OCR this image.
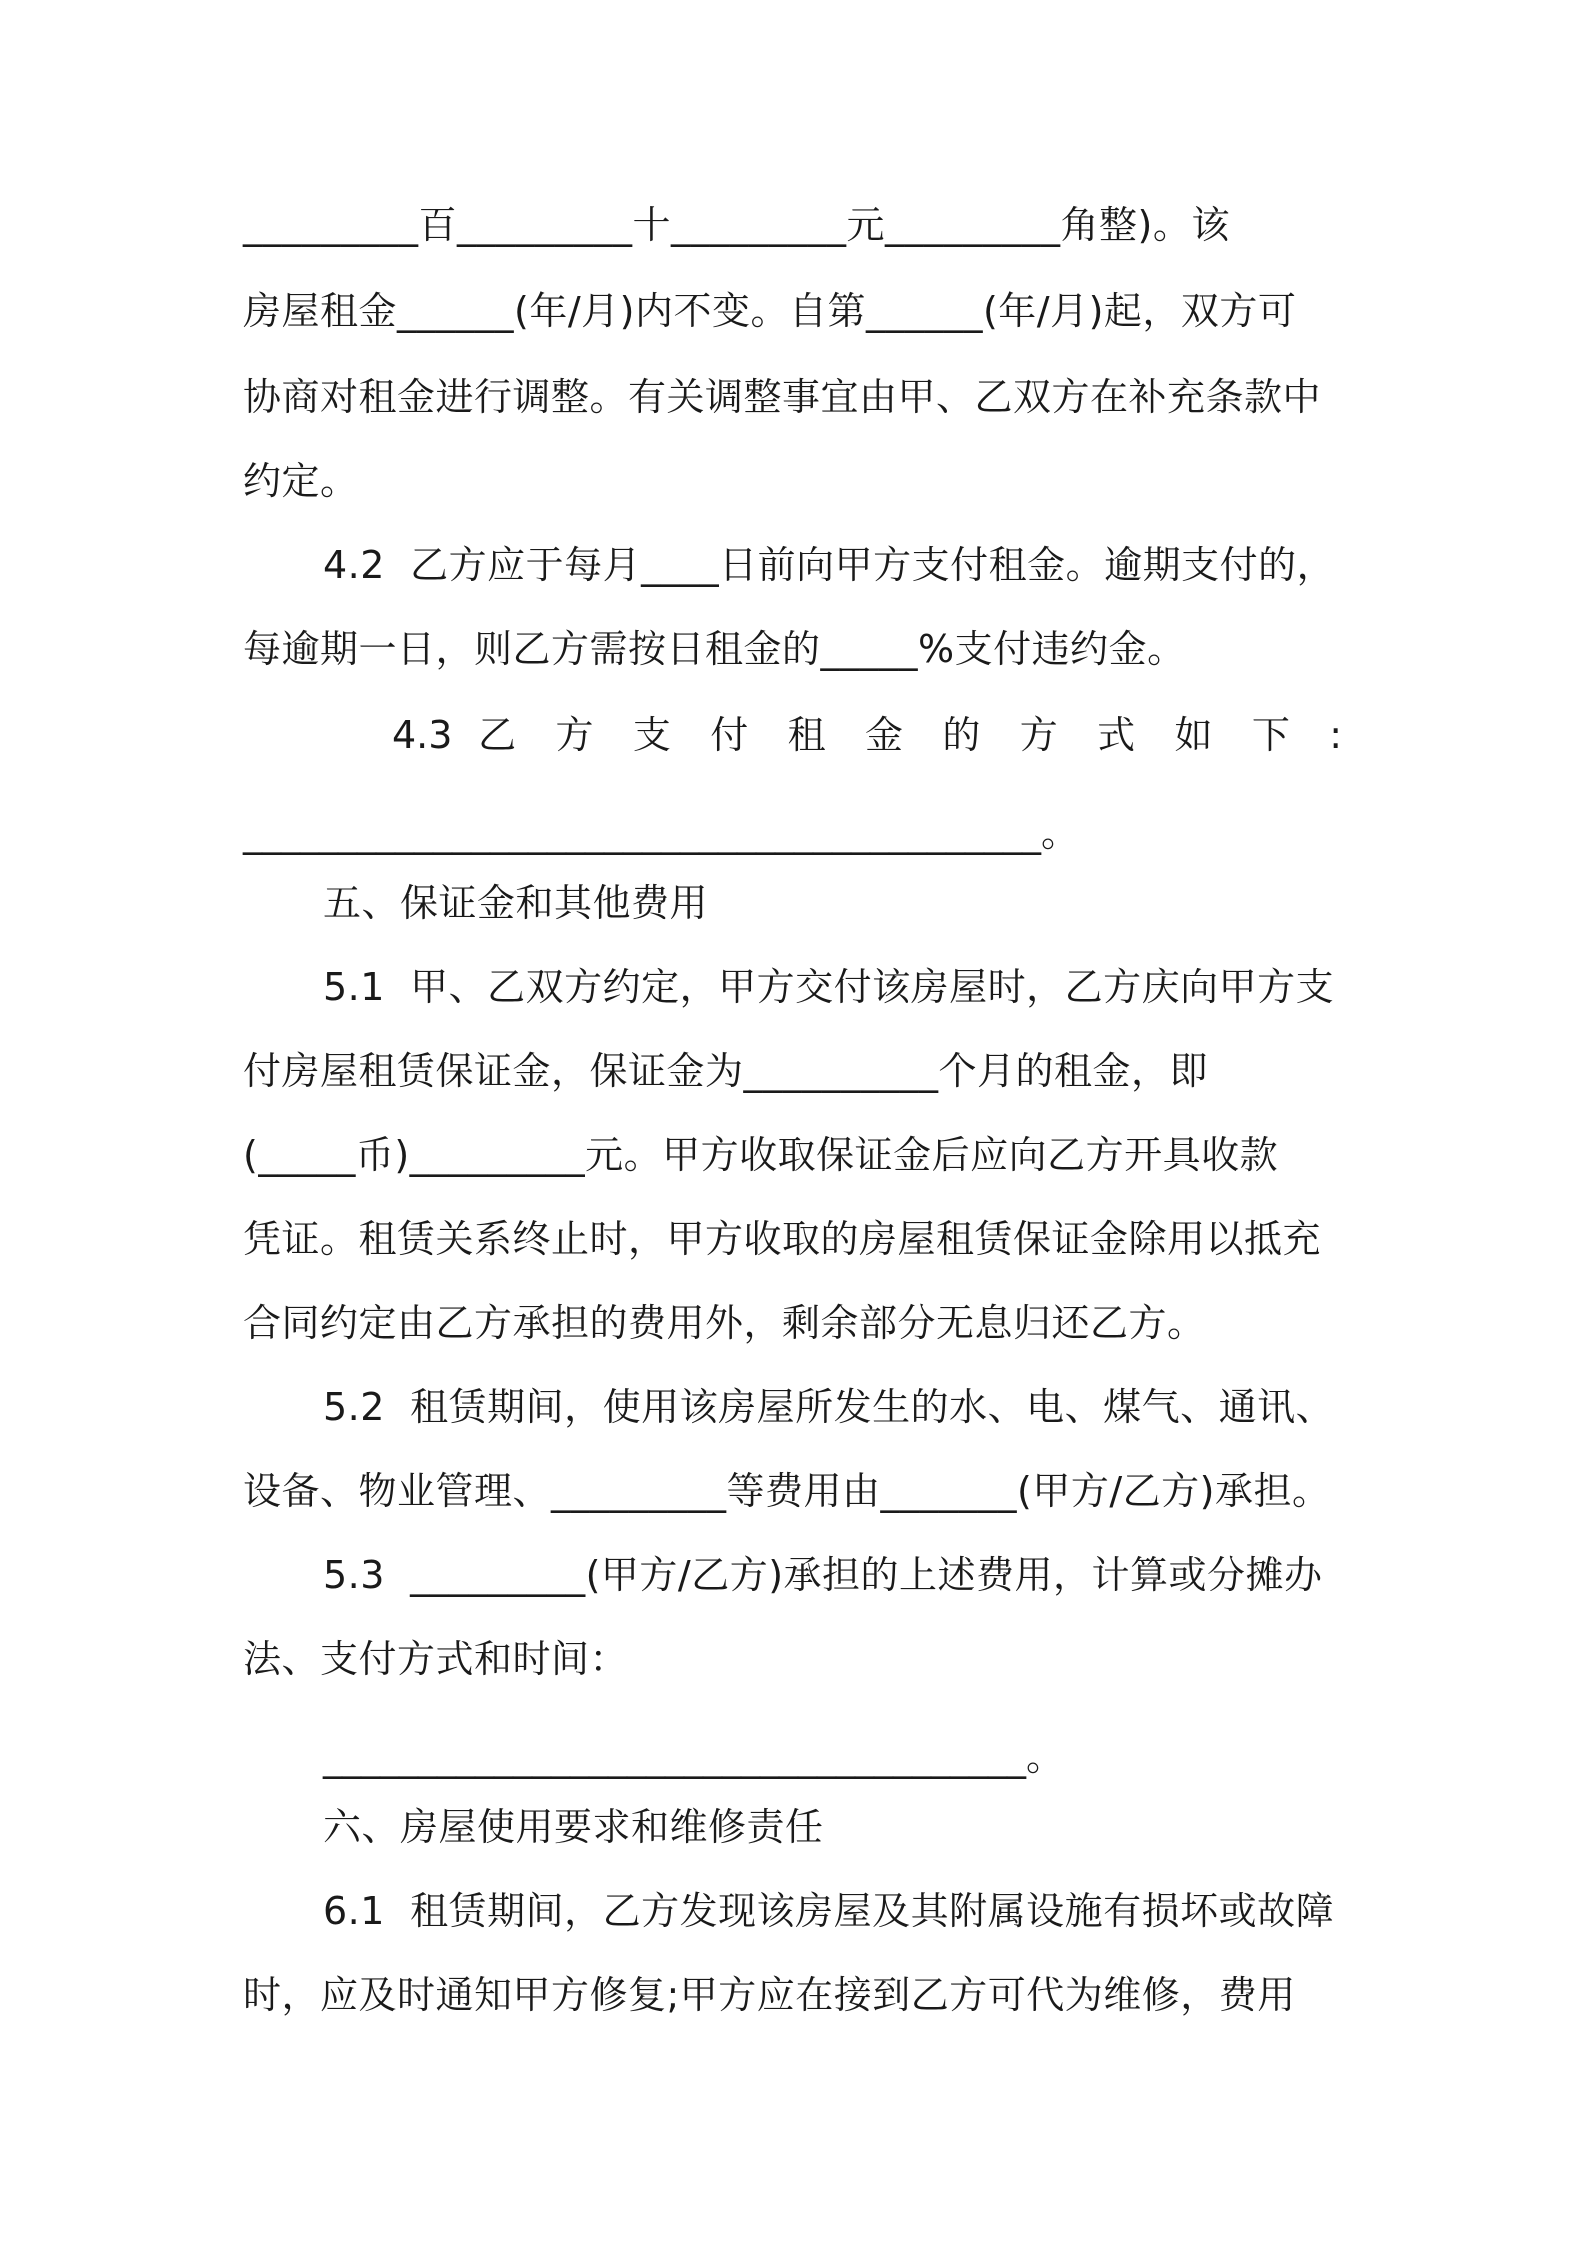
_________百_________十_________元_________角整)。该
房屋租金______(年/月)内不变。自第______(年/月)起，双方可
协商对租金进行调整。有关调整事宜由甲、乙双方在补充条款中
约定。
4.2  乙方应于每月____日前向甲方支付租金。逾期支付的，
每逾期一日，则乙方需按日租金的_____%支付违约金。
4.3 乙 方 支 付 租 金 的 方 式 如 下 :
__________________________________________。
五、保证金和其他费用
5.1  甲、乙双方约定，甲方交付该房屋时，乙方庆向甲方支
付房屋租赁保证金，保证金为__________个月的租金，即
(_____币)_________元。甲方收取保证金后应向乙方开具收款
凭证。租赁关系终止时，甲方收取的房屋租赁保证金除用以抵充
合同约定由乙方承担的费用外，剩余部分无息归还乙方。
5.2  租赁期间，使用该房屋所发生的水、电、煤气、通讯、
设备、物业管理、_________等费用由_______(甲方/乙方)承担。
5.3  _________(甲方/乙方)承担的上述费用，计算或分摊办
法、支付方式和时间：
_____________________________________。
六、房屋使用要求和维修责任
6.1  租赁期间，乙方发现该房屋及其附属设施有损坏或故障
时，应及时通知甲方修复;甲方应在接到乙方可代为维修，费用
